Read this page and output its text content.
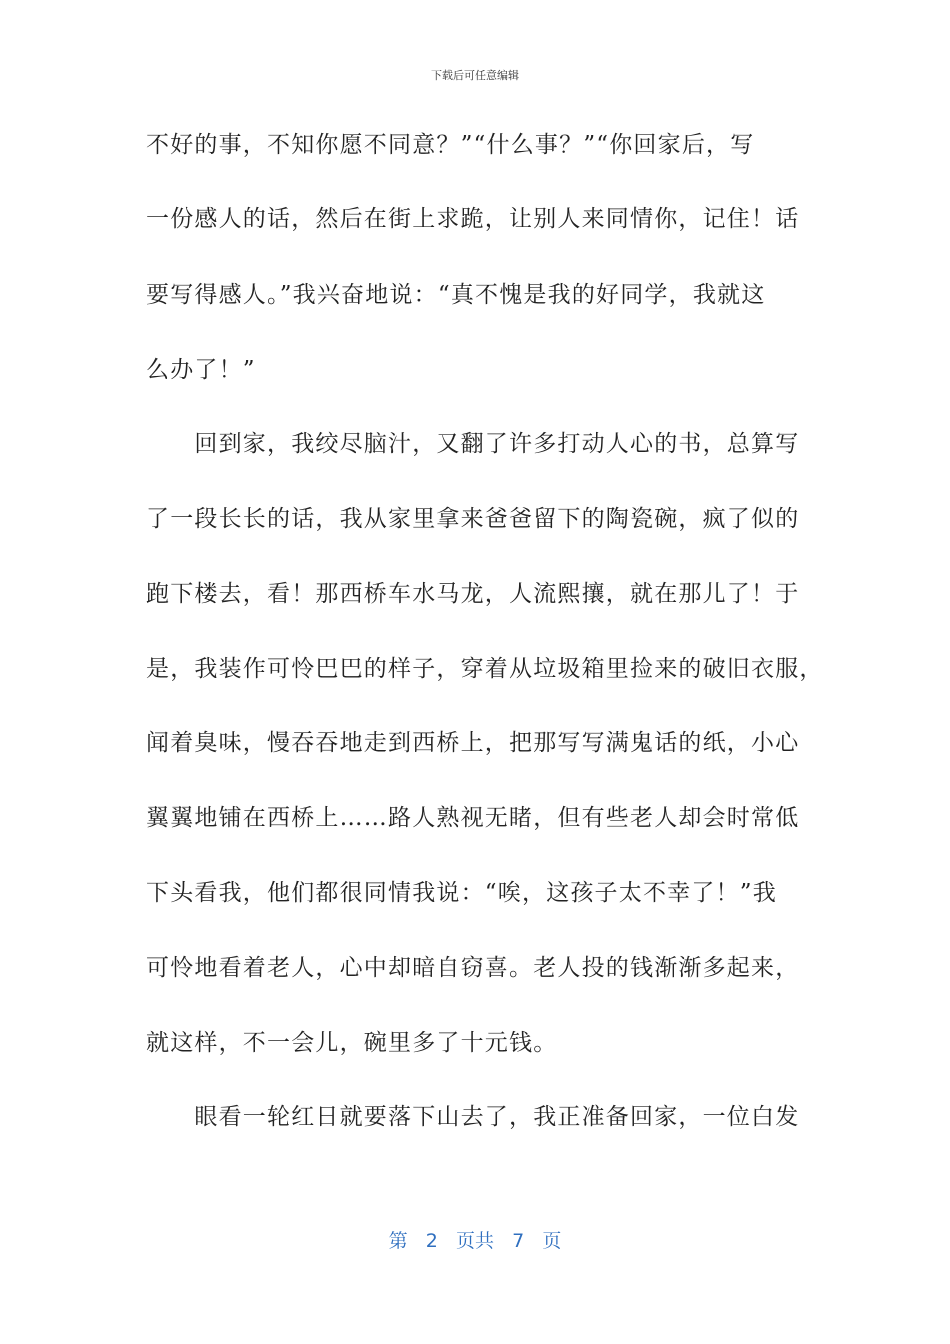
下载后可任意编辑
不好的事，不知你愿不同意？”“什么事？”“你回家后，写
一份感人的话，然后在街上求跪，让别人来同情你，记住！话
要写得感人。”我兴奋地说：“真不愧是我的好同学，我就这
么办了！”
　　回到家，我绞尽脑汁，又翻了许多打动人心的书，总算写
了一段长长的话，我从家里拿来爸爸留下的陶瓷碗，疯了似的
跑下楼去，看！那西桥车水马龙，人流熙攘，就在那儿了！于
是，我装作可怜巴巴的样子，穿着从垃圾箱里捡来的破旧衣服，
闻着臭味，慢吞吞地走到西桥上，把那写写满鬼话的纸，小心
翼翼地铺在西桥上……路人熟视无睹，但有些老人却会时常低
下头看我，他们都很同情我说：“唉，这孩子太不幸了！”我
可怜地看着老人，心中却暗自窃喜。老人投的钱渐渐多起来，
就这样，不一会儿，碗里多了十元钱。
　　眼看一轮红日就要落下山去了，我正准备回家，一位白发
第 2 页共 7 页
